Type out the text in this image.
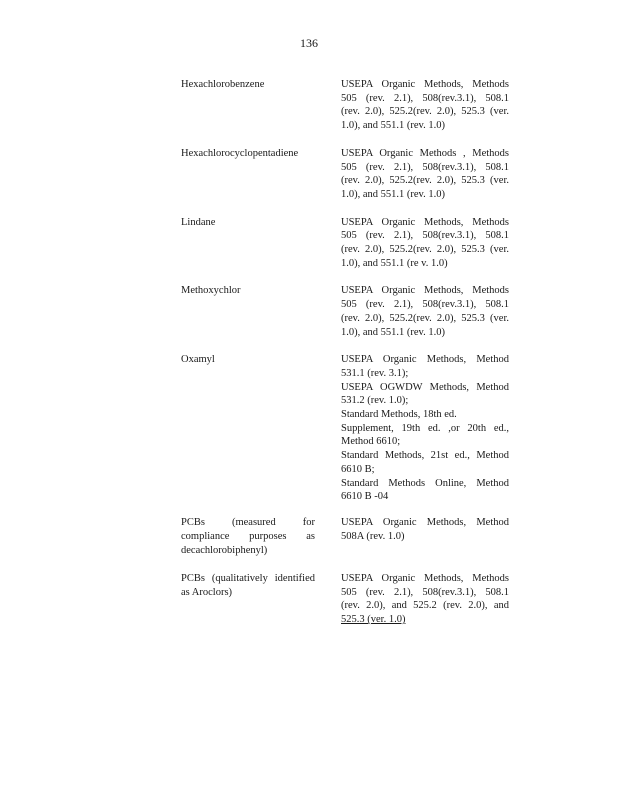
136
Hexachlorobenzene	USEPA Organic Methods, Methods
505 (rev. 2.1), 508(rev.3.1), 508.1
(rev. 2.0), 525.2(rev. 2.0), 525.3 (ver.
1.0), and 551.1 (rev. 1.0)
Hexachlorocyclopentadiene	USEPA Organic Methods , Methods
505 (rev. 2.1), 508(rev.3.1), 508.1
(rev. 2.0), 525.2(rev. 2.0), 525.3 (ver.
1.0), and 551.1 (rev. 1.0)
Lindane	USEPA Organic Methods, Methods
505 (rev. 2.1), 508(rev.3.1), 508.1
(rev. 2.0), 525.2(rev. 2.0), 525.3 (ver.
1.0), and 551.1 (re v. 1.0)
Methoxychlor	USEPA Organic Methods, Methods
505 (rev. 2.1), 508(rev.3.1), 508.1
(rev. 2.0), 525.2(rev. 2.0), 525.3 (ver.
1.0), and 551.1 (rev. 1.0)
Oxamyl	USEPA Organic Methods, Method
531.1 (rev. 3.1);
USEPA OGWDW Methods, Method
531.2 (rev. 1.0);
Standard Methods, 18th ed.
Supplement, 19th ed. ,or 20th ed.,
Method 6610;
Standard Methods, 21st ed., Method
6610 B;
Standard Methods Online, Method
6610 B -04
PCBs (measured for compliance purposes as decachlorobiphenyl)
USEPA Organic Methods, Method
508A (rev. 1.0)
PCBs (qualitatively identified as Aroclors)
USEPA Organic Methods, Methods
505 (rev. 2.1), 508(rev.3.1), 508.1
(rev. 2.0), and 525.2 (rev. 2.0), and
525.3 (ver. 1.0)
